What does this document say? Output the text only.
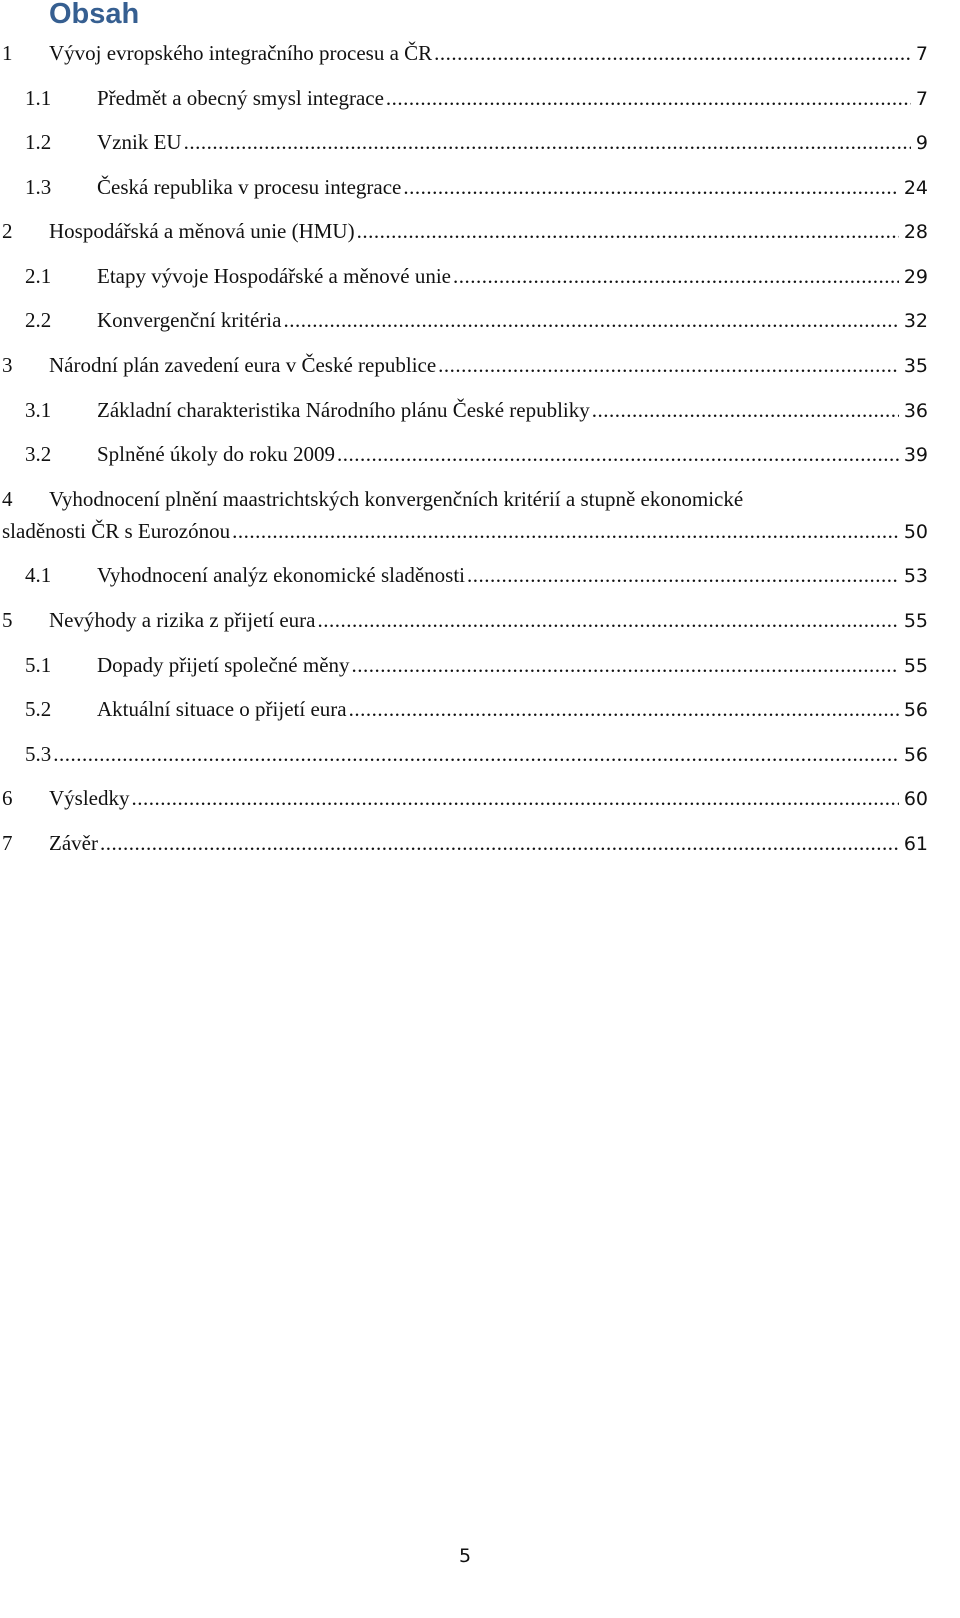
Obsah
1 Vývoj evropského integračního procesu a ČR .....	7
1.1 Předmět a obecný smysl integrace .....	7
1.2 Vznik EU .....	9
1.3 Česká republika v procesu integrace .....	24
2 Hospodářská a měnová unie (HMU) .....	28
2.1 Etapy vývoje Hospodářské a měnové unie .....	29
2.2 Konvergenční kritéria .....	32
3 Národní plán zavedení eura v České republice .....	35
3.1 Základní charakteristika Národního plánu České republiky .....	36
3.2 Splněné úkoly do roku 2009 .....	39
4 Vyhodnocení plnění maastrichtských konvergenčních kritérií a stupně ekonomické
sladěnosti ČR s Eurozónou .....	50
4.1 Vyhodnocení analýz ekonomické sladěnosti .....	53
5 Nevýhody a rizika z přijetí eura .....	55
5.1 Dopady přijetí společné měny .....	55
5.2 Aktuální situace o přijetí eura .....	56
5.3 .....	56
6 Výsledky .....	60
7 Závěr .....	61
5
